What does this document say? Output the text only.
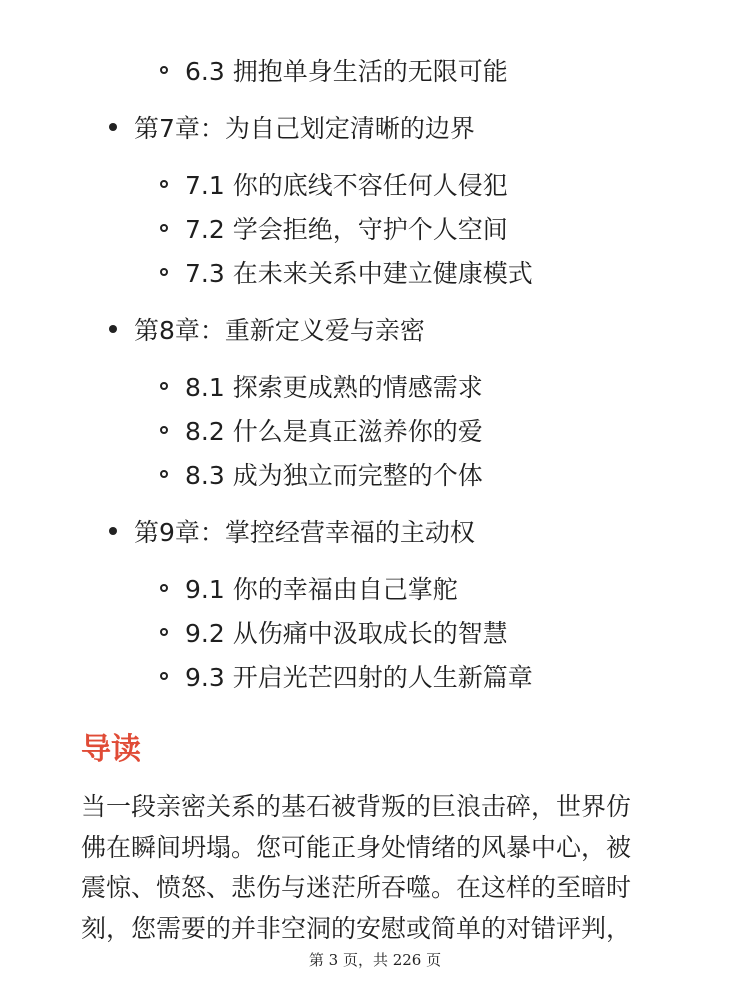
6.3 拥抱单身生活的无限可能
第7章：为自己划定清晰的边界
7.1 你的底线不容任何人侵犯
7.2 学会拒绝，守护个人空间
7.3 在未来关系中建立健康模式
第8章：重新定义爱与亲密
8.1 探索更成熟的情感需求
8.2 什么是真正滋养你的爱
8.3 成为独立而完整的个体
第9章：掌控经营幸福的主动权
9.1 你的幸福由自己掌舵
9.2 从伤痛中汲取成长的智慧
9.3 开启光芒四射的人生新篇章
导读
当一段亲密关系的基石被背叛的巨浪击碎，世界仿
佛在瞬间坍塌。您可能正身处情绪的风暴中心，被
震惊、愤怒、悲伤与迷茫所吞噬。在这样的至暗时
刻，您需要的并非空洞的安慰或简单的对错评判，
第 3 页，共 226 页
